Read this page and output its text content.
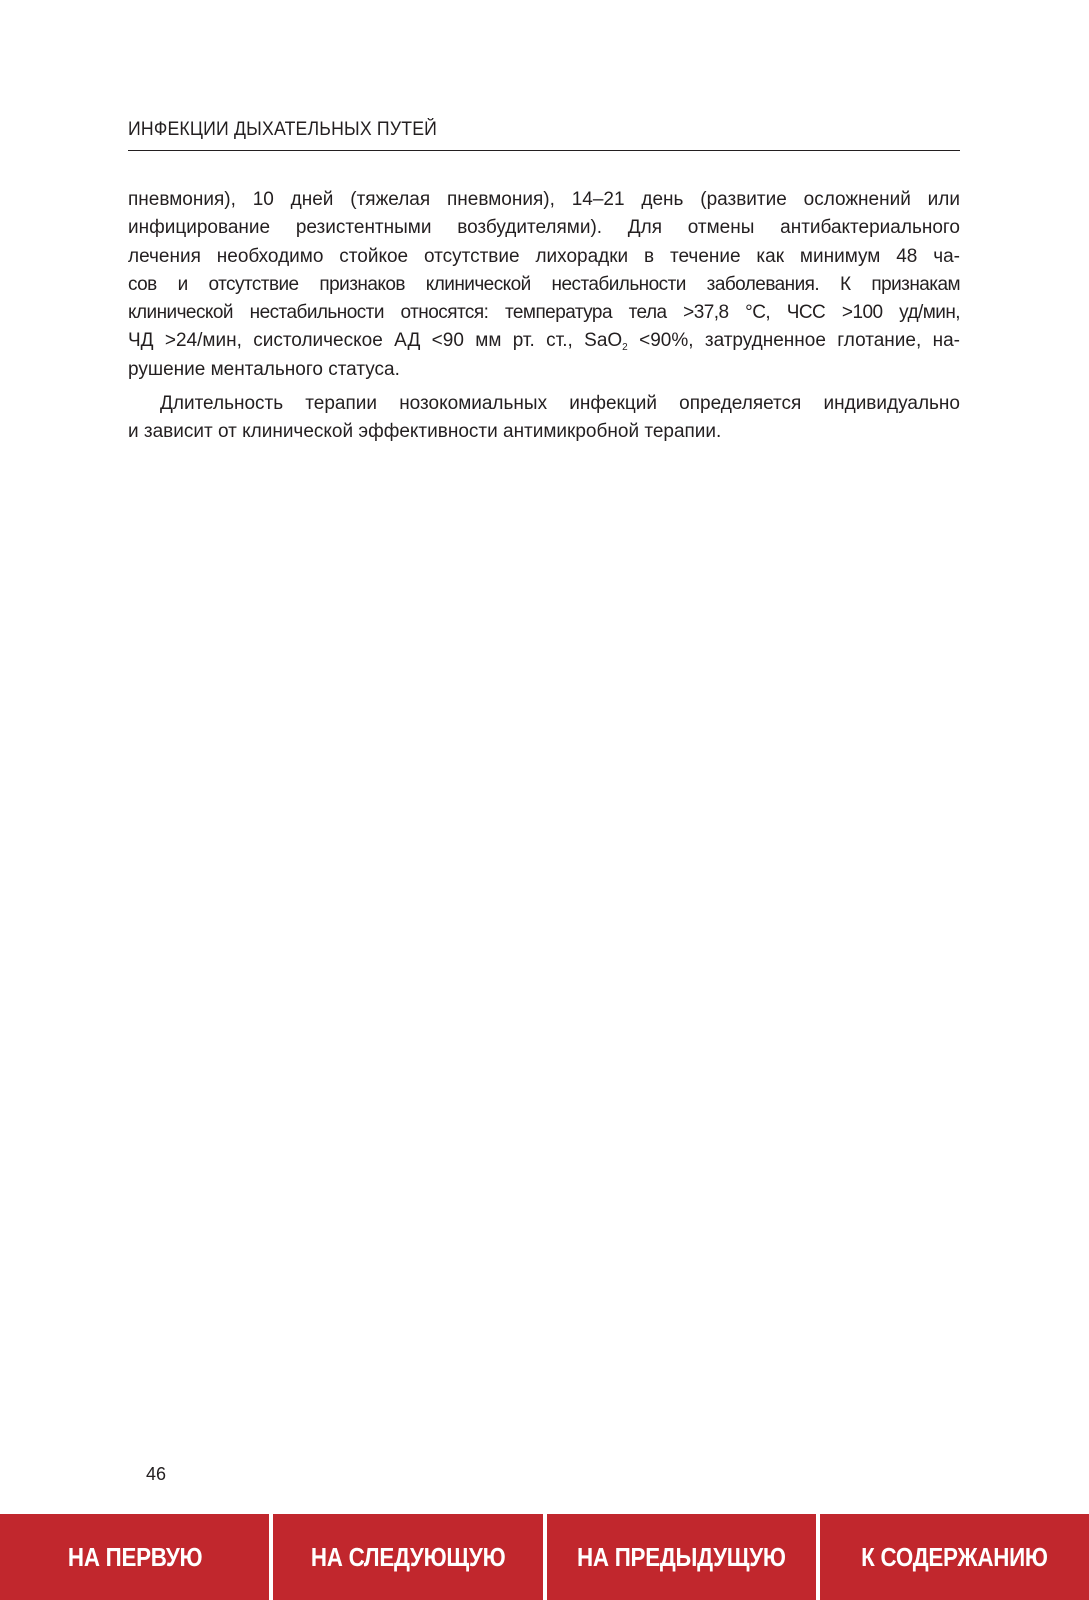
ИНФЕКЦИИ ДЫХАТЕЛЬНЫХ ПУТЕЙ
пневмония), 10 дней (тяжелая пневмония), 14–21 день (развитие осложнений или
инфицирование резистентными возбудителями). Для отмены антибактериального
лечения необходимо стойкое отсутствие лихорадки в течение как минимум 48 ча-
сов и отсутствие признаков клинической нестабильности заболевания. К признакам
клинической нестабильности относятся: температура тела >37,8 °С, ЧСС >100 уд/мин,
ЧД >24/мин, систолическое АД <90 мм рт. ст., SaO$_2$ <90%, затрудненное глотание, на-
рушение ментального статуса.
Длительность терапии нозокомиальных инфекций определяется индивидуально
и зависит от клинической эффективности антимикробной терапии.
46
НА ПЕРВУЮ	НА СЛЕДУЮЩУЮ	НА ПРЕДЫДУЩУЮ	К СОДЕРЖАНИЮ
